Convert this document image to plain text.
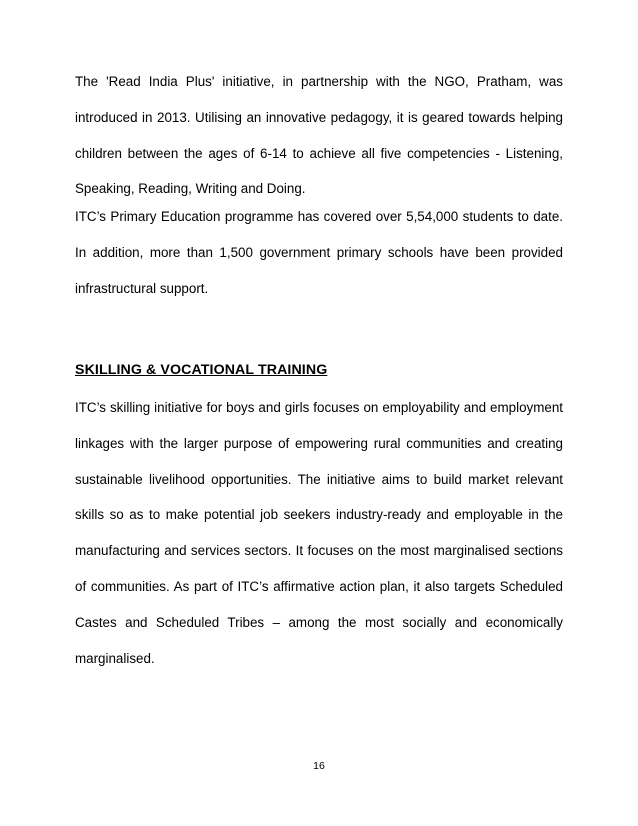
The 'Read India Plus' initiative, in partnership with the NGO, Pratham, was introduced in 2013. Utilising an innovative pedagogy, it is geared towards helping children between the ages of 6-14 to achieve all five competencies - Listening, Speaking, Reading, Writing and Doing.

ITC’s Primary Education programme has covered over 5,54,000 students to date. In addition, more than 1,500 government primary schools have been provided infrastructural support.

SKILLING & VOCATIONAL TRAINING

ITC’s skilling initiative for boys and girls focuses on employability and employment linkages with the larger purpose of empowering rural communities and creating sustainable livelihood opportunities. The initiative aims to build market relevant skills so as to make potential job seekers industry-ready and employable in the manufacturing and services sectors. It focuses on the most marginalised sections of communities. As part of ITC’s affirmative action plan, it also targets Scheduled Castes and Scheduled Tribes – among the most socially and economically marginalised.

16
